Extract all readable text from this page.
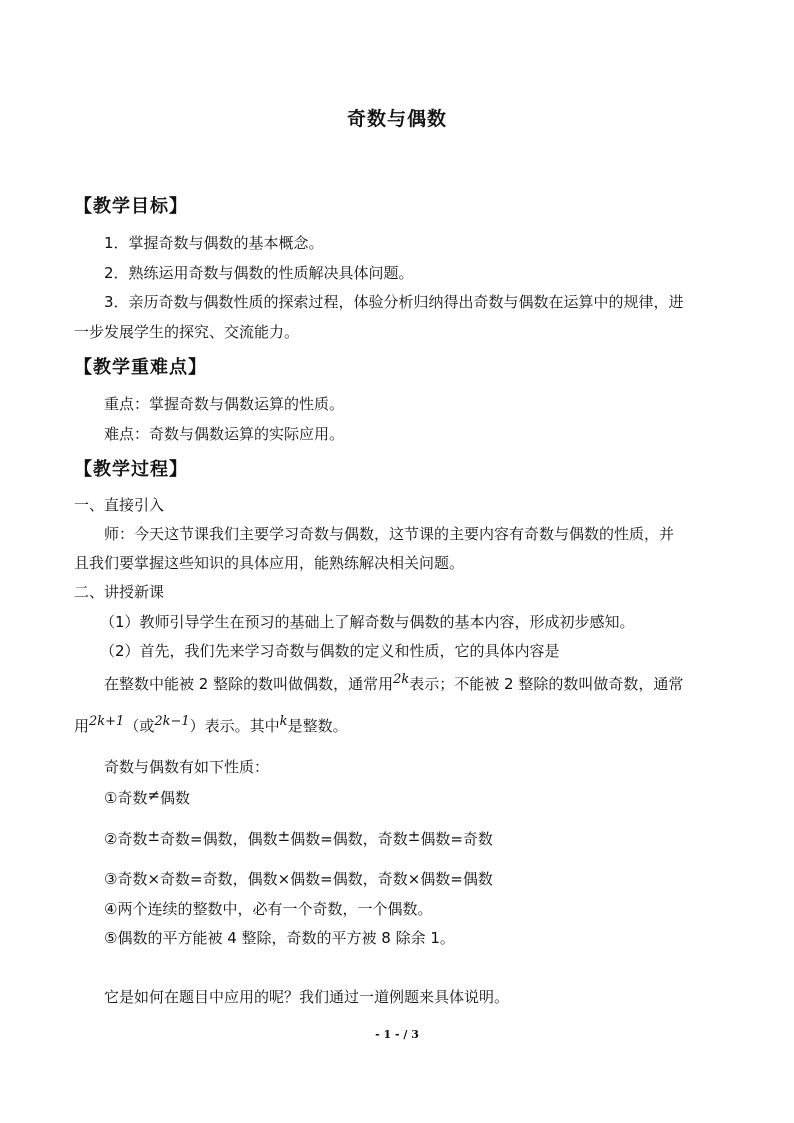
奇数与偶数
【教学目标】
1．掌握奇数与偶数的基本概念。
2．熟练运用奇数与偶数的性质解决具体问题。
3．亲历奇数与偶数性质的探索过程，体验分析归纳得出奇数与偶数在运算中的规律，进
一步发展学生的探究、交流能力。
【教学重难点】
重点：掌握奇数与偶数运算的性质。
难点：奇数与偶数运算的实际应用。
【教学过程】
一、直接引入
师：今天这节课我们主要学习奇数与偶数，这节课的主要内容有奇数与偶数的性质，并
且我们要掌握这些知识的具体应用，能熟练解决相关问题。
二、讲授新课
（1）教师引导学生在预习的基础上了解奇数与偶数的基本内容，形成初步感知。
（2）首先，我们先来学习奇数与偶数的定义和性质，它的具体内容是
在整数中能被 2 整除的数叫做偶数，通常用2k表示；不能被 2 整除的数叫做奇数，通常
用2k+1（或2k−1）表示。其中k是整数。
奇数与偶数有如下性质：
①奇数≠偶数
②奇数±奇数=偶数，偶数±偶数=偶数，奇数±偶数=奇数
③奇数×奇数=奇数，偶数×偶数=偶数，奇数×偶数=偶数
④两个连续的整数中，必有一个奇数，一个偶数。
⑤偶数的平方能被 4 整除，奇数的平方被 8 除余 1。
它是如何在题目中应用的呢？我们通过一道例题来具体说明。
- 1 - / 3
